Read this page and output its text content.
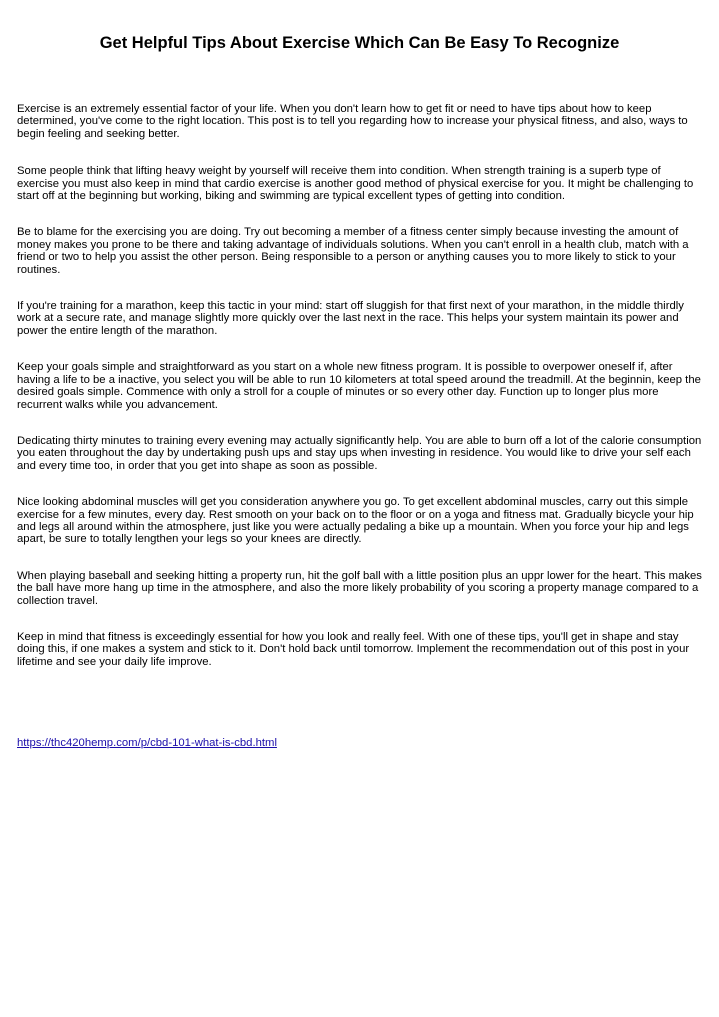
Get Helpful Tips About Exercise Which Can Be Easy To Recognize

Exercise is an extremely essential factor of your life. When you don't learn how to get fit or need to have tips about how to keep determined, you've come to the right location. This post is to tell you regarding how to increase your physical fitness, and also, ways to begin feeling and seeking better.

Some people think that lifting heavy weight by yourself will receive them into condition. When strength training is a superb type of exercise you must also keep in mind that cardio exercise is another good method of physical exercise for you. It might be challenging to start off at the beginning but working, biking and swimming are typical excellent types of getting into condition.

Be to blame for the exercising you are doing. Try out becoming a member of a fitness center simply because investing the amount of money makes you prone to be there and taking advantage of individuals solutions. When you can't enroll in a health club, match with a friend or two to help you assist the other person. Being responsible to a person or anything causes you to more likely to stick to your routines.

If you're training for a marathon, keep this tactic in your mind: start off sluggish for that first next of your marathon, in the middle thirdly work at a secure rate, and manage slightly more quickly over the last next in the race. This helps your system maintain its power and power the entire length of the marathon.

Keep your goals simple and straightforward as you start on a whole new fitness program. It is possible to overpower oneself if, after having a life to be a inactive, you select you will be able to run 10 kilometers at total speed around the treadmill. At the beginnin, keep the desired goals simple. Commence with only a stroll for a couple of minutes or so every other day. Function up to longer plus more recurrent walks while you advancement.

Dedicating thirty minutes to training every evening may actually significantly help. You are able to burn off a lot of the calorie consumption you eaten throughout the day by undertaking push ups and stay ups when investing in residence. You would like to drive your self each and every time too, in order that you get into shape as soon as possible.

Nice looking abdominal muscles will get you consideration anywhere you go. To get excellent abdominal muscles, carry out this simple exercise for a few minutes, every day. Rest smooth on your back on to the floor or on a yoga and fitness mat. Gradually bicycle your hip and legs all around within the atmosphere, just like you were actually pedaling a bike up a mountain. When you force your hip and legs apart, be sure to totally lengthen your legs so your knees are directly.

When playing baseball and seeking hitting a property run, hit the golf ball with a little position plus an uppr lower for the heart. This makes the ball have more hang up time in the atmosphere, and also the more likely probability of you scoring a property manage compared to a collection travel.

Keep in mind that fitness is exceedingly essential for how you look and really feel. With one of these tips, you'll get in shape and stay doing this, if one makes a system and stick to it. Don't hold back until tomorrow. Implement the recommendation out of this post in your lifetime and see your daily life improve.

https://thc420hemp.com/p/cbd-101-what-is-cbd.html
